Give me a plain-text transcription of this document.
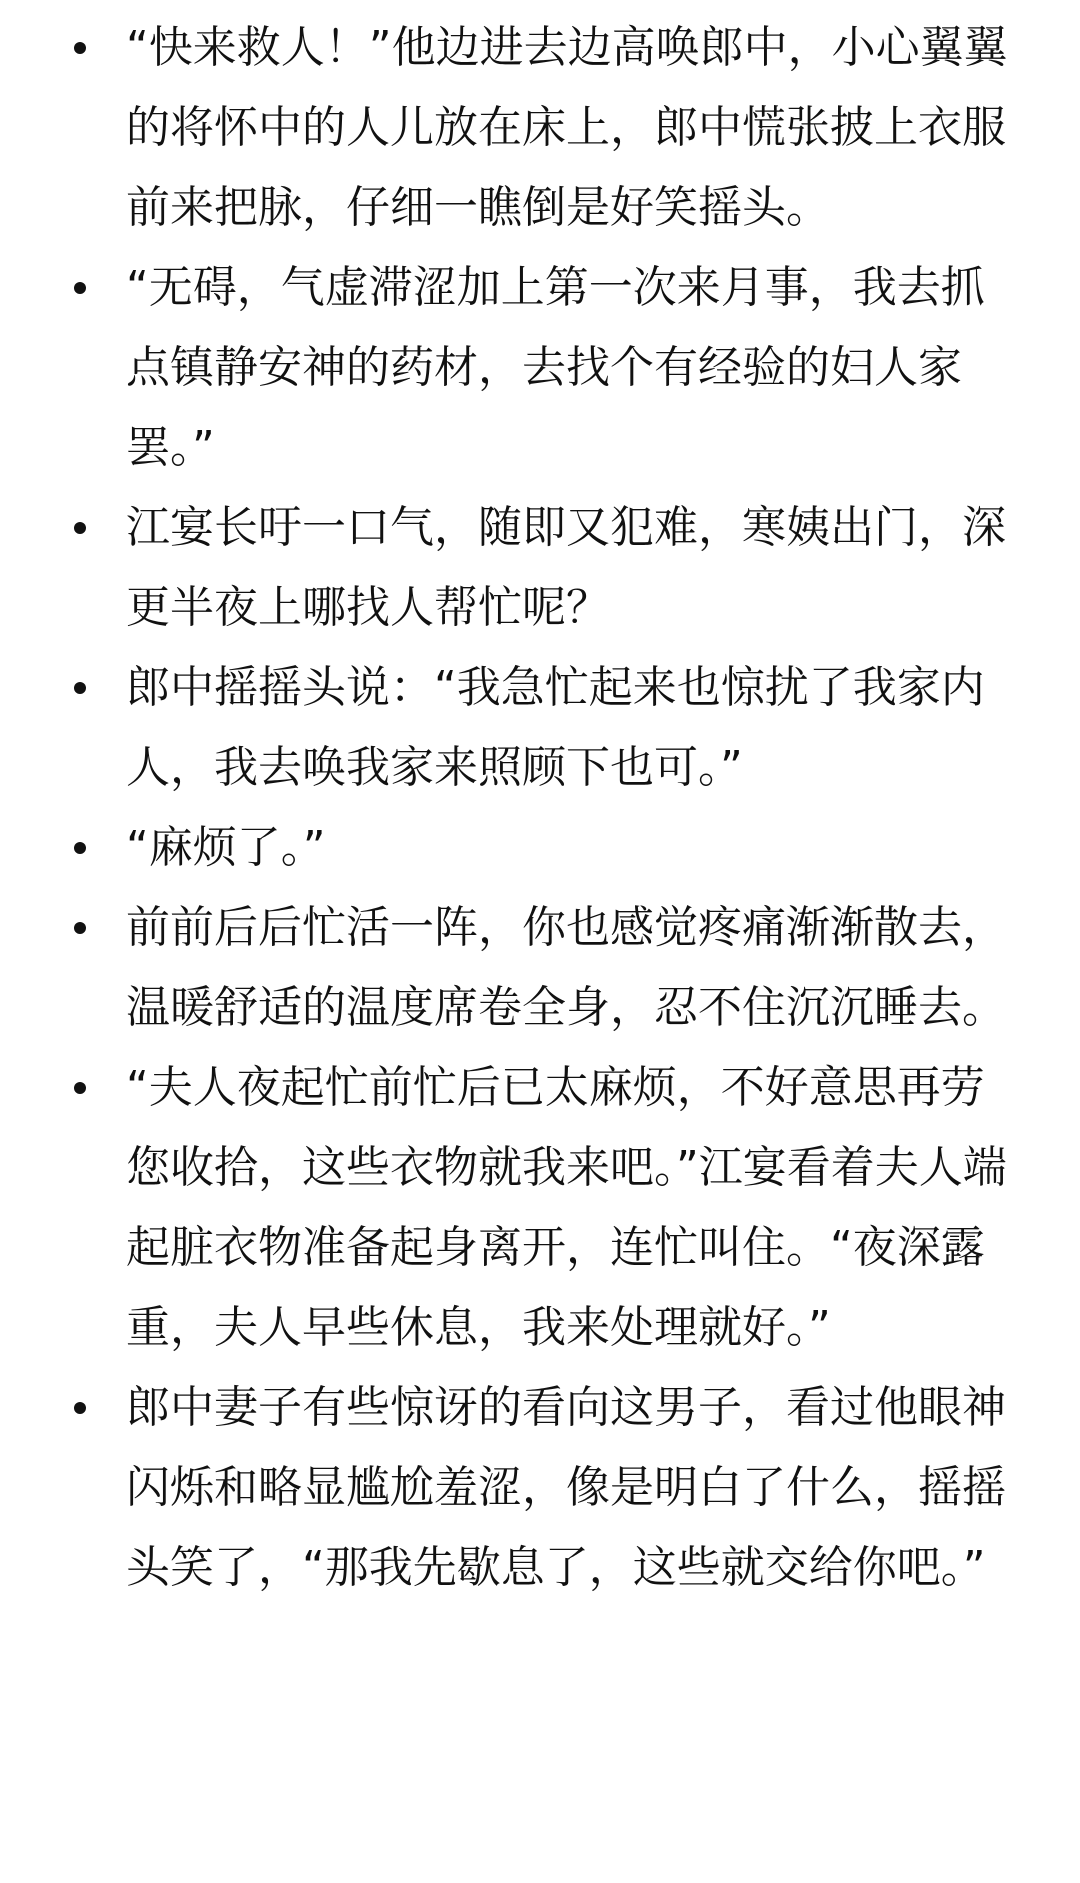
“快来救人！”他边进去边高唤郎中，小心翼翼的将怀中的人儿放在床上，郎中慌张披上衣服前来把脉，仔细一瞧倒是好笑摇头。
“无碍，气虚滞涩加上第一次来月事，我去抓点镇静安神的药材，去找个有经验的妇人家罢。”
江宴长吁一口气，随即又犯难，寒姨出门，深更半夜上哪找人帮忙呢？
郎中摇摇头说：“我急忙起来也惊扰了我家内人，我去唤我家来照顾下也可。”
“麻烦了。”
前前后后忙活一阵，你也感觉疼痛渐渐散去，温暖舒适的温度席卷全身，忍不住沉沉睡去。
“夫人夜起忙前忙后已太麻烦，不好意思再劳您收拾，这些衣物就我来吧。”江宴看着夫人端起脏衣物准备起身离开，连忙叫住。“夜深露重，夫人早些休息，我来处理就好。”
郎中妻子有些惊讶的看向这男子，看过他眼神闪烁和略显尴尬羞涩，像是明白了什么，摇摇头笑了，“那我先歇息了，这些就交给你吧。”
